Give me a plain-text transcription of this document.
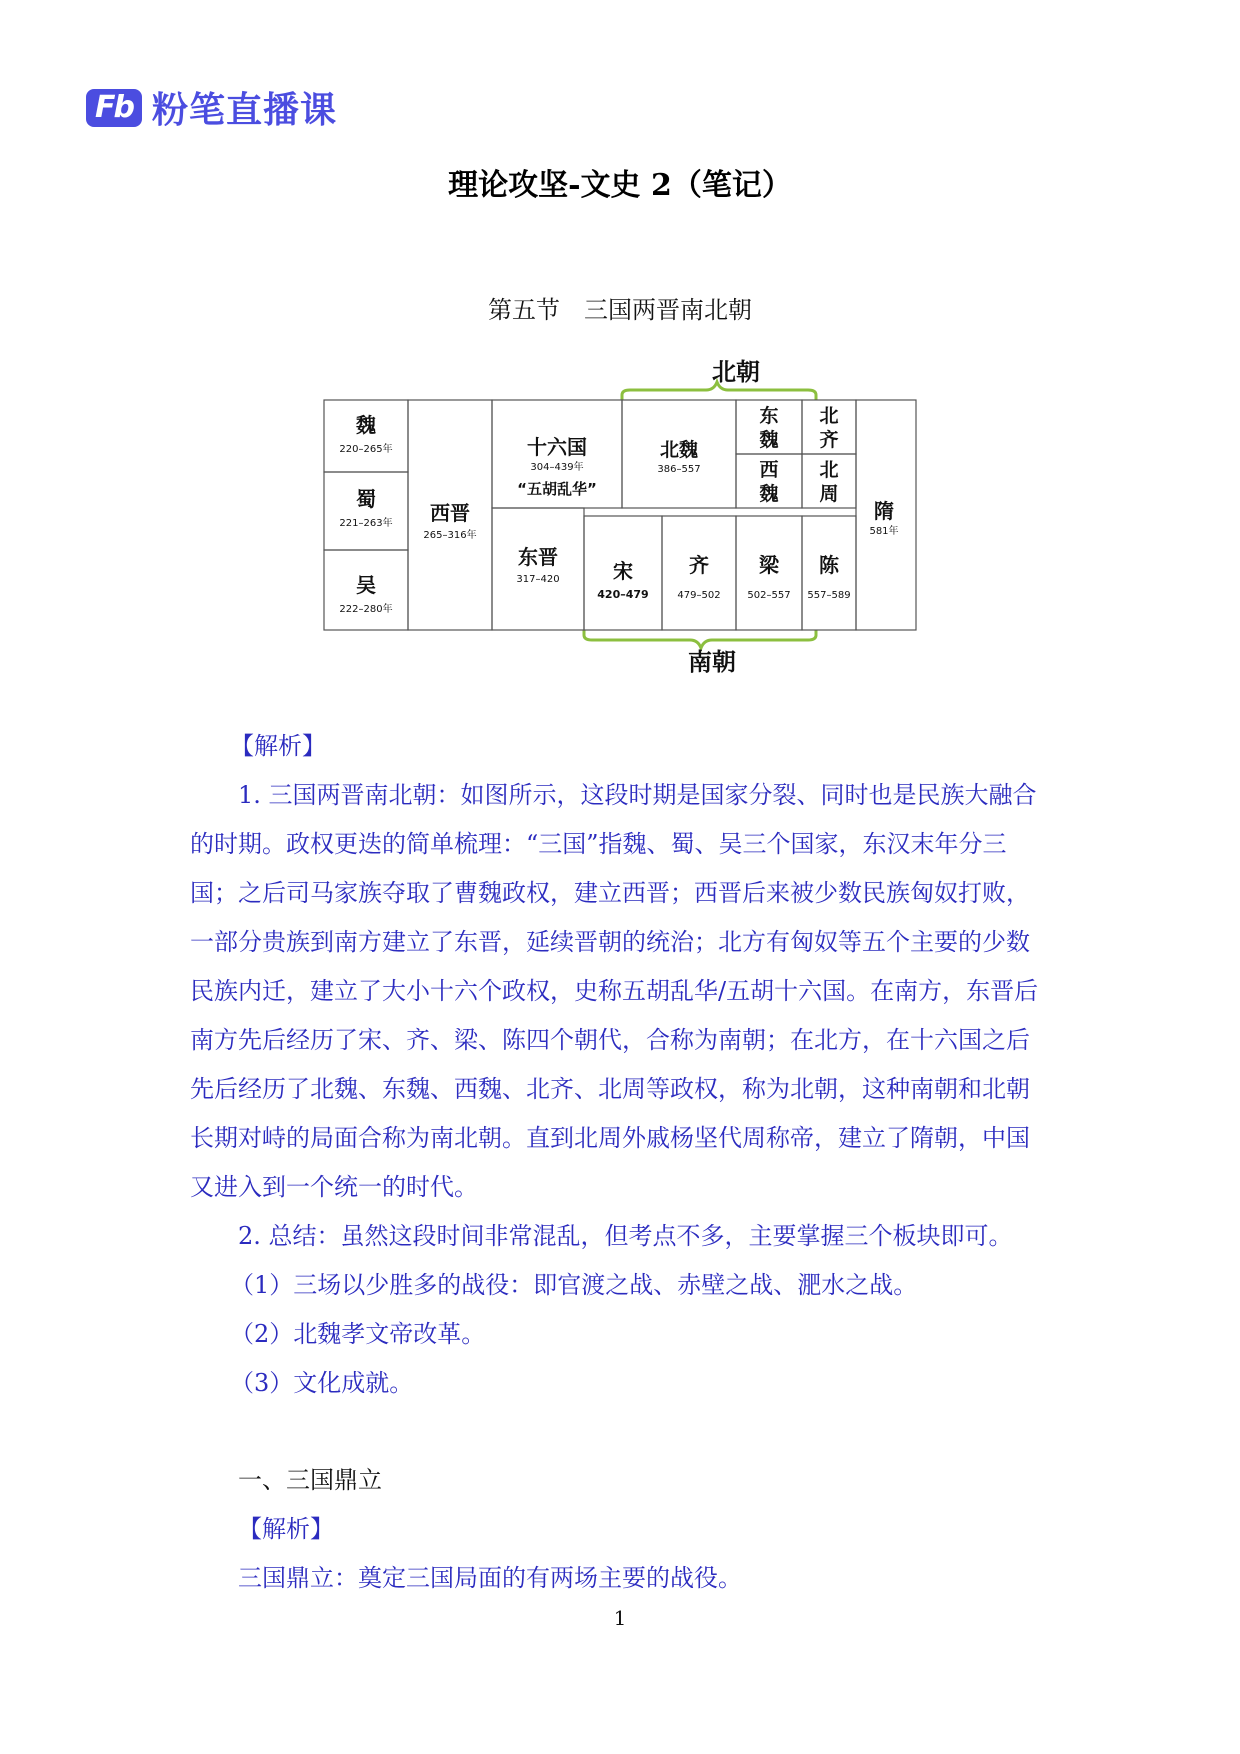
Fb 粉笔直播课
理论攻坚-文史 2（笔记）
第五节　三国两晋南北朝
北朝
南朝
魏
220–265年
蜀
221–263年
吴
222–280年
西晋
265–316年
十六国
304–439年
“五胡乱华”
北魏
386–557
东
魏
北
齐
西
魏
北
周
东晋
317–420	宋
420–479
齐
479–502
梁
502–557
陈
557–589
隋
581年

【解析】

1. 三国两晋南北朝：如图所示，这段时期是国家分裂、同时也是民族大融合的时期。政权更迭的简单梳理：“三国”指魏、蜀、吴三个国家，东汉末年分三国；之后司马家族夺取了曹魏政权，建立西晋；西晋后来被少数民族匈奴打败，一部分贵族到南方建立了东晋，延续晋朝的统治；北方有匈奴等五个主要的少数民族内迁，建立了大小十六个政权，史称五胡乱华/五胡十六国。在南方，东晋后南方先后经历了宋、齐、梁、陈四个朝代，合称为南朝；在北方，在十六国之后先后经历了北魏、东魏、西魏、北齐、北周等政权，称为北朝，这种南朝和北朝长期对峙的局面合称为南北朝。直到北周外戚杨坚代周称帝，建立了隋朝，中国又进入到一个统一的时代。

2. 总结：虽然这段时间非常混乱，但考点不多，主要掌握三个板块即可。

（1）三场以少胜多的战役：即官渡之战、赤壁之战、淝水之战。

（2）北魏孝文帝改革。

（3）文化成就。

一、三国鼎立

【解析】

三国鼎立：奠定三国局面的有两场主要的战役。

1
